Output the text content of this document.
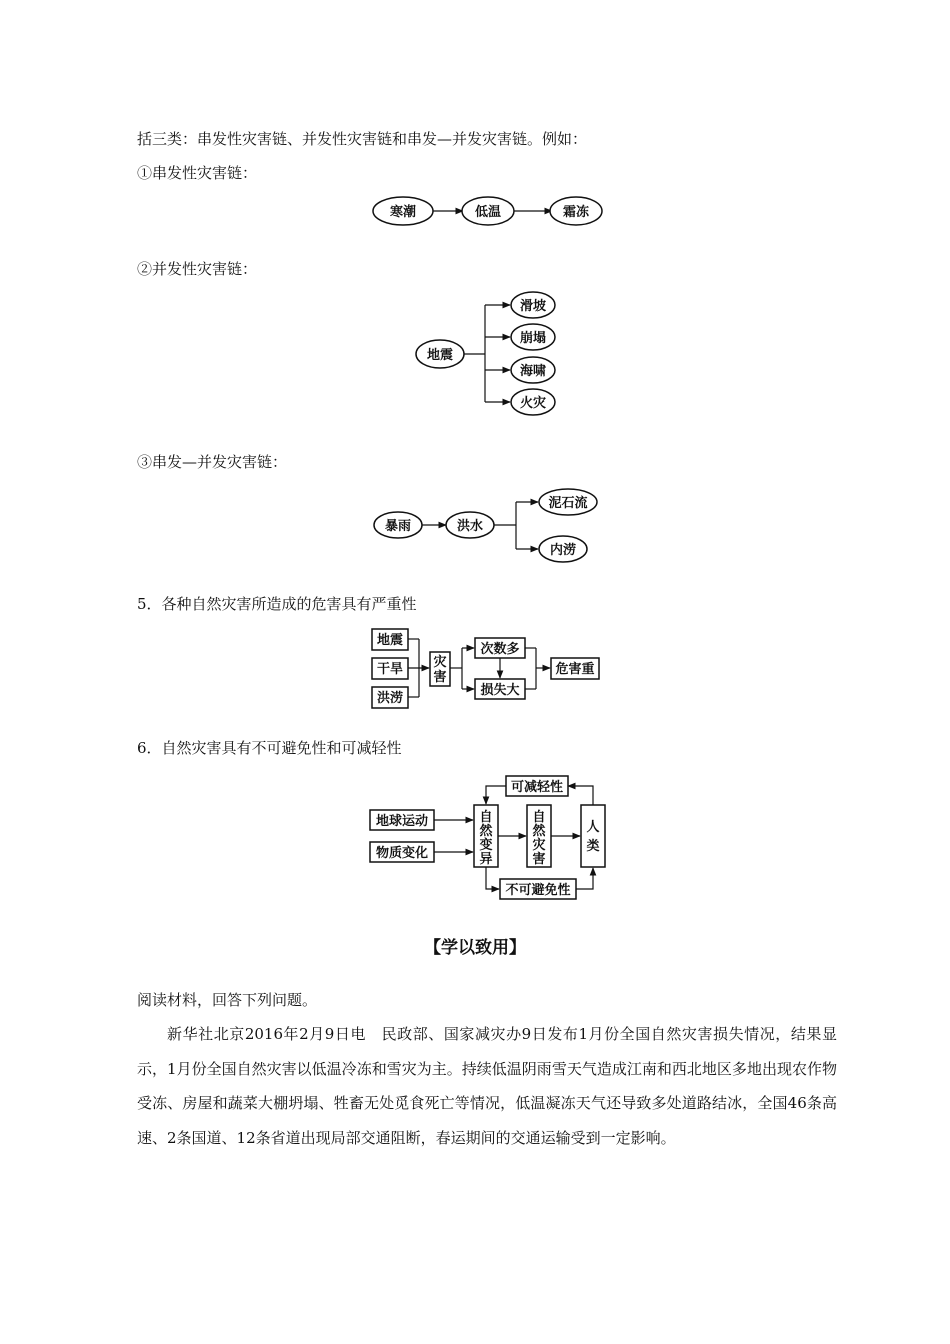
括三类：串发性灾害链、并发性灾害链和串发—并发灾害链。例如：
①串发性灾害链：
寒潮	低温	霜冻
②并发性灾害链：
地震
滑坡
崩塌
海啸
火灾
③串发—并发灾害链：
暴雨	洪水
泥石流
内涝
5．各种自然灾害所造成的危害具有严重性
地震
干旱
洪涝
灾
害
次数多
损失大
危害重
6．自然灾害具有不可避免性和可减轻性
可减轻性
地球运动
物质变化
自
然
变
异
自
然
灾
害
人
类
不可避免性
【学以致用】
阅读材料，回答下列问题。
新华社北京2016年2月9日电　民政部、国家减灾办9日发布1月份全国自然灾害损失情况，结果显示，1月份全国自然灾害以低温冷冻和雪灾为主。持续低温阴雨雪天气造成江南和西北地区多地出现农作物受冻、房屋和蔬菜大棚坍塌、牲畜无处觅食死亡等情况，低温凝冻天气还导致多处道路结冰，全国46条高速、2条国道、12条省道出现局部交通阻断，春运期间的交通运输受到一定影响。
